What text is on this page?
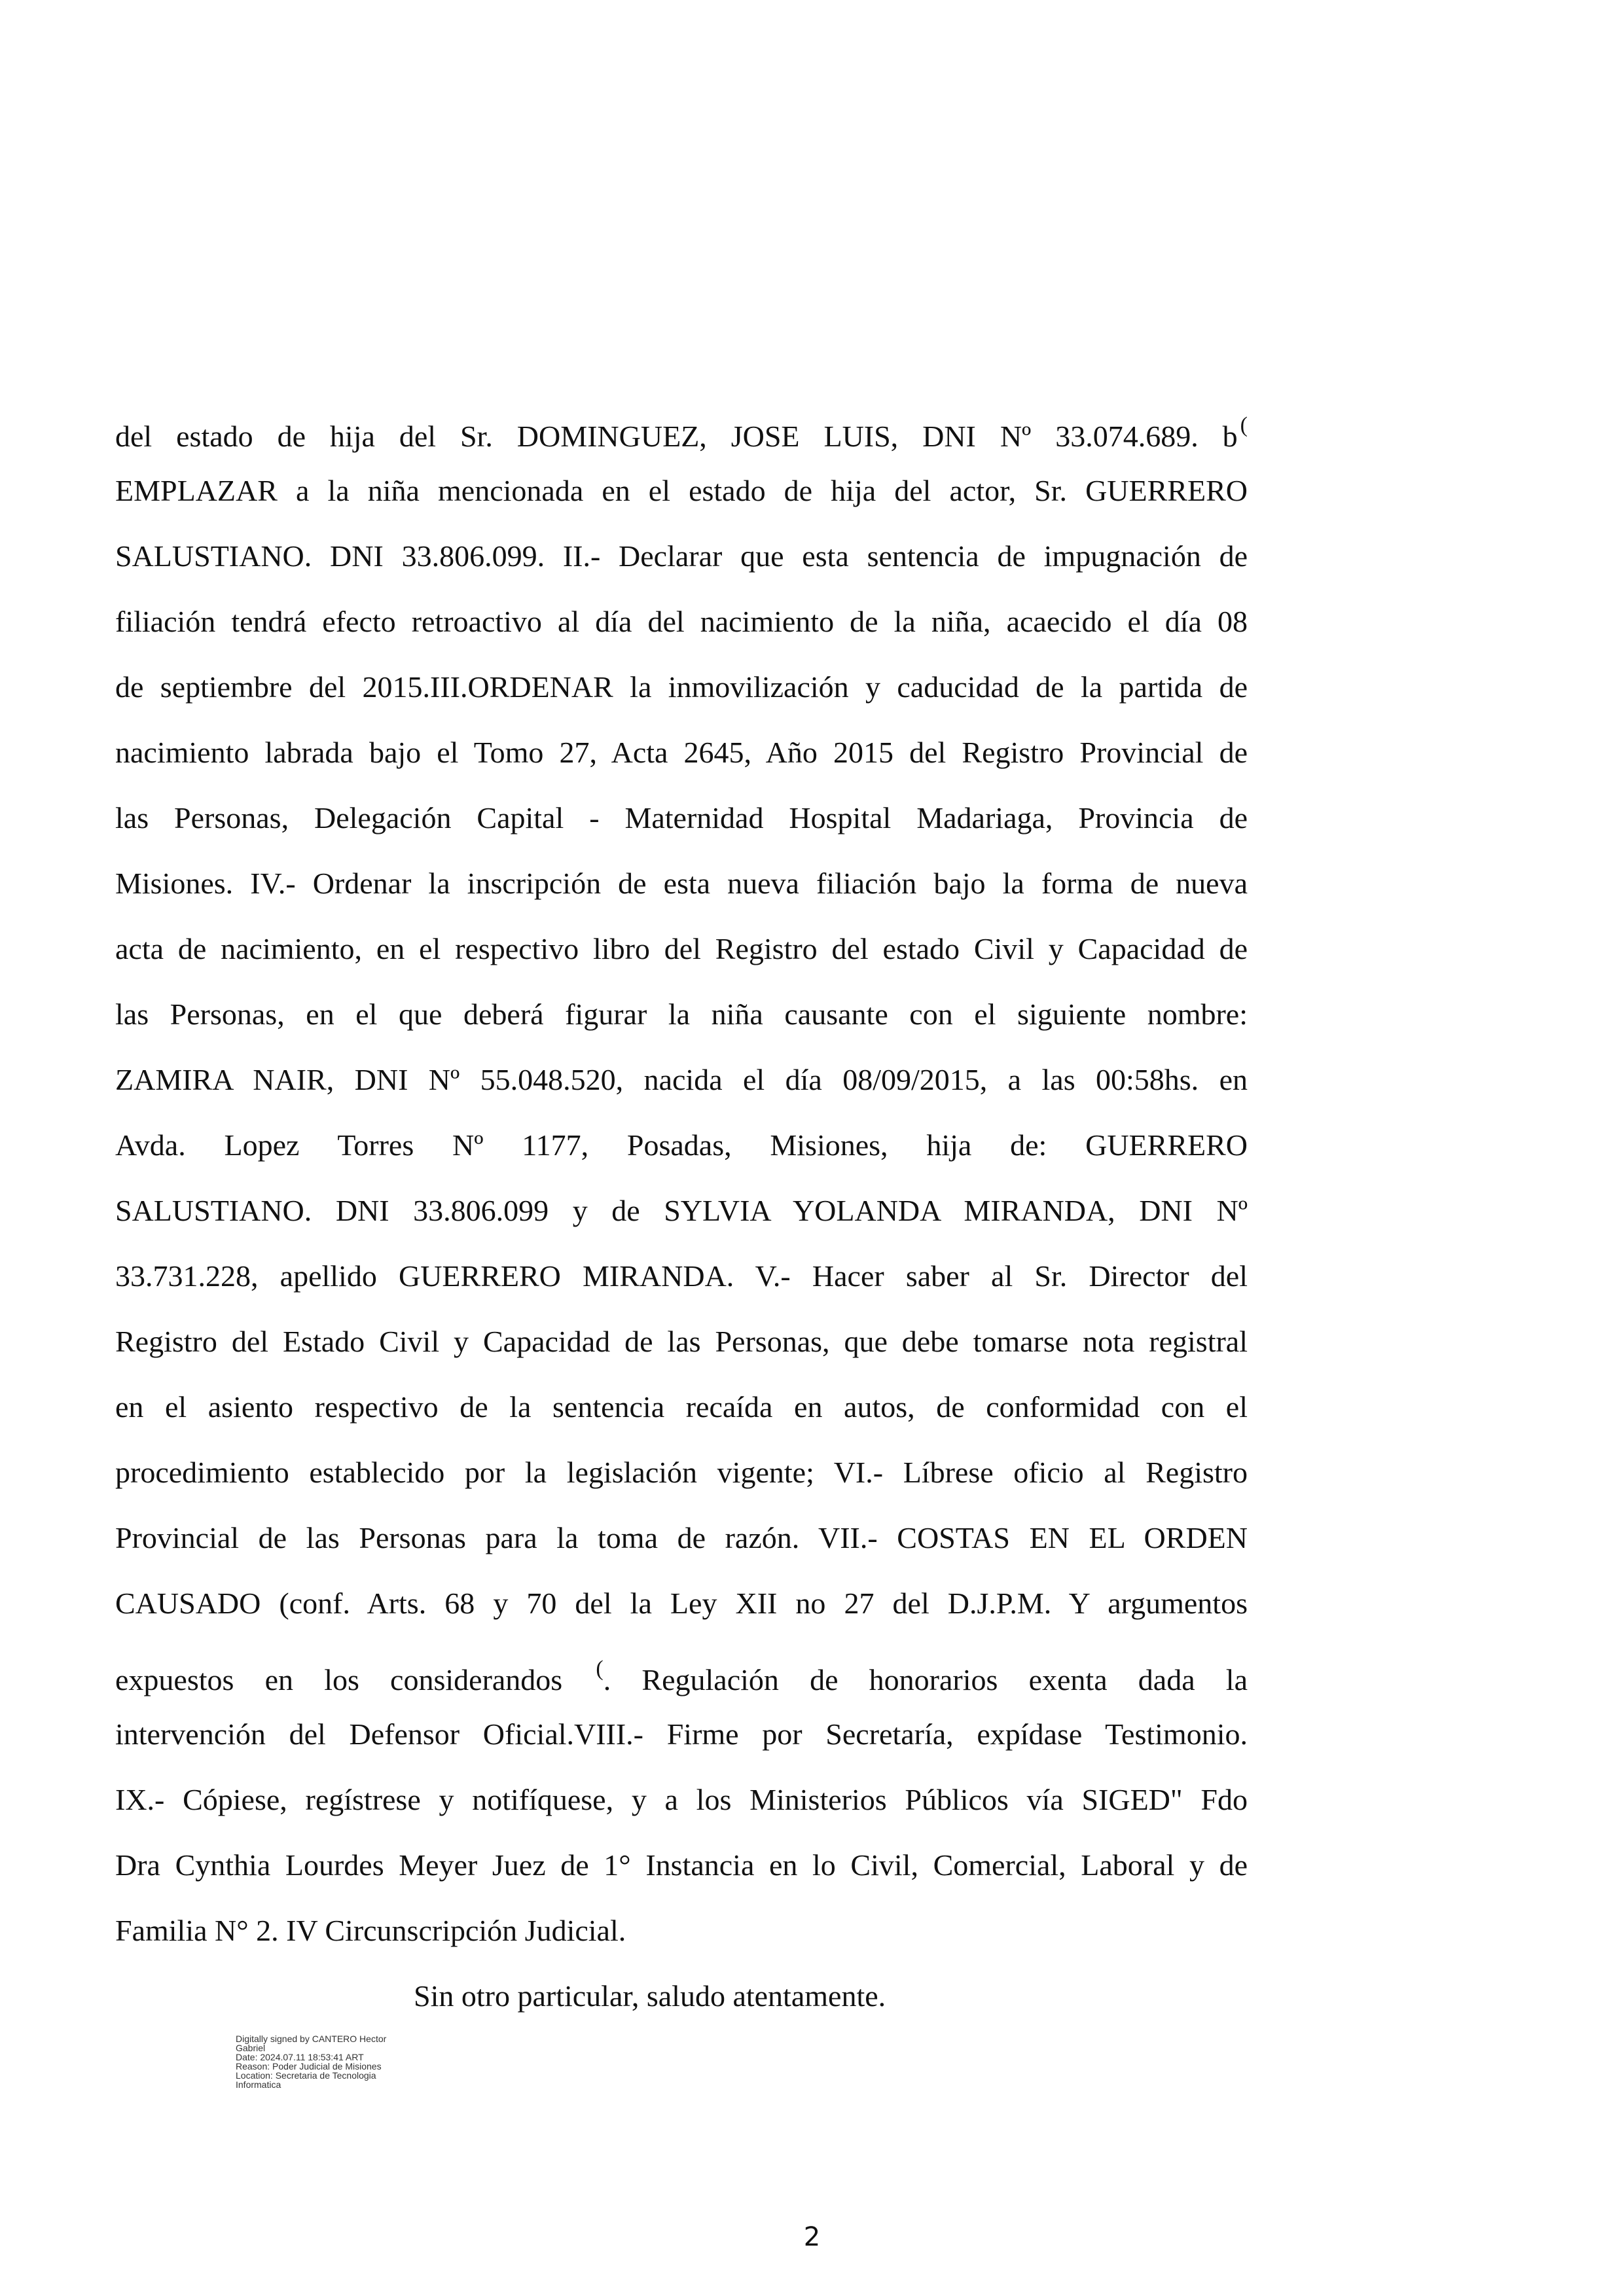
del estado de hija del Sr. DOMINGUEZ, JOSE LUIS, DNI Nº 33.074.689. b (
EMPLAZAR a la niña mencionada en el estado de hija del actor, Sr. GUERRERO
SALUSTIANO. DNI 33.806.099. II.- Declarar que esta sentencia de impugnación de
filiación tendrá efecto retroactivo al día del nacimiento de la niña, acaecido el día 08
de septiembre del 2015.III.ORDENAR la inmovilización y caducidad de la partida de
nacimiento labrada bajo el Tomo 27, Acta 2645, Año 2015 del Registro Provincial de
las Personas, Delegación Capital - Maternidad Hospital Madariaga, Provincia de
Misiones. IV.- Ordenar la inscripción de esta nueva filiación bajo la forma de nueva
acta de nacimiento, en el respectivo libro del Registro del estado Civil y Capacidad de
las Personas, en el que deberá figurar la niña causante con el siguiente nombre:
ZAMIRA NAIR, DNI Nº 55.048.520, nacida el día 08/09/2015, a las 00:58hs. en
Avda. Lopez Torres Nº 1177, Posadas, Misiones, hija de: GUERRERO
SALUSTIANO. DNI 33.806.099 y de SYLVIA YOLANDA MIRANDA, DNI Nº
33.731.228, apellido GUERRERO MIRANDA. V.- Hacer saber al Sr. Director del
Registro del Estado Civil y Capacidad de las Personas, que debe tomarse nota registral
en el asiento respectivo de la sentencia recaída en autos, de conformidad con el
procedimiento establecido por la legislación vigente; VI.- Líbrese oficio al Registro
Provincial de las Personas para la toma de razón. VII.- COSTAS EN EL ORDEN
CAUSADO (conf. Arts. 68 y 70 del la Ley XII no 27 del D.J.P.M. Y argumentos
expuestos en los considerandos (. Regulación de honorarios exenta dada la
intervención del Defensor Oficial.VIII.- Firme por Secretaría, expídase Testimonio.
IX.- Cópiese, regístrese y notifíquese, y a los Ministerios Públicos vía SIGED" Fdo
Dra Cynthia Lourdes Meyer Juez de 1° Instancia en lo Civil, Comercial, Laboral y de
Familia N° 2. IV Circunscripción Judicial.
Sin otro particular, saludo atentamente.
Digitally signed by CANTERO Hector
Gabriel
Date: 2024.07.11 18:53:41 ART
Reason: Poder Judicial de Misiones
Location: Secretaria de Tecnologia
Informatica
2
